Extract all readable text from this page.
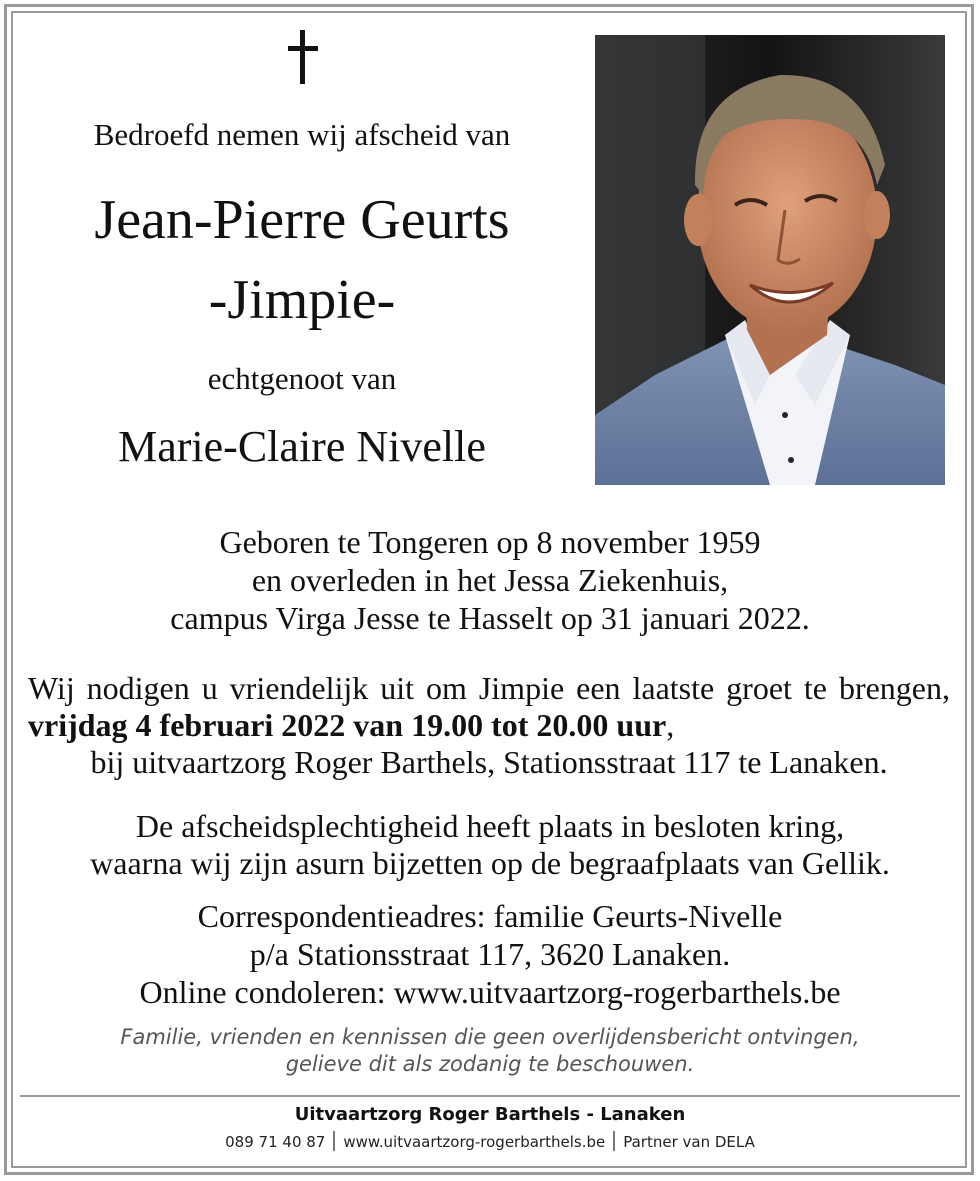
Bedroefd nemen wij afscheid van
Jean-Pierre Geurts
-Jimpie-
echtgenoot van
Marie-Claire Nivelle
Geboren te Tongeren op 8 november 1959
en overleden in het Jessa Ziekenhuis,
campus Virga Jesse te Hasselt op 31 januari 2022.
Wij nodigen u vriendelijk uit om Jimpie een laatste groet te brengen, vrijdag 4 februari 2022 van 19.00 tot 20.00 uur,
bij uitvaartzorg Roger Barthels, Stationsstraat 117 te Lanaken.
De afscheidsplechtigheid heeft plaats in besloten kring,
waarna wij zijn asurn bijzetten op de begraafplaats van Gellik.
Correspondentieadres: familie Geurts-Nivelle
p/a Stationsstraat 117, 3620 Lanaken.
Online condoleren: www.uitvaartzorg-rogerbarthels.be
Familie, vrienden en kennissen die geen overlijdensbericht ontvingen,
gelieve dit als zodanig te beschouwen.
Uitvaartzorg Roger Barthels - Lanaken
089 71 40 87 www.uitvaartzorg-rogerbarthels.be Partner van DELA
